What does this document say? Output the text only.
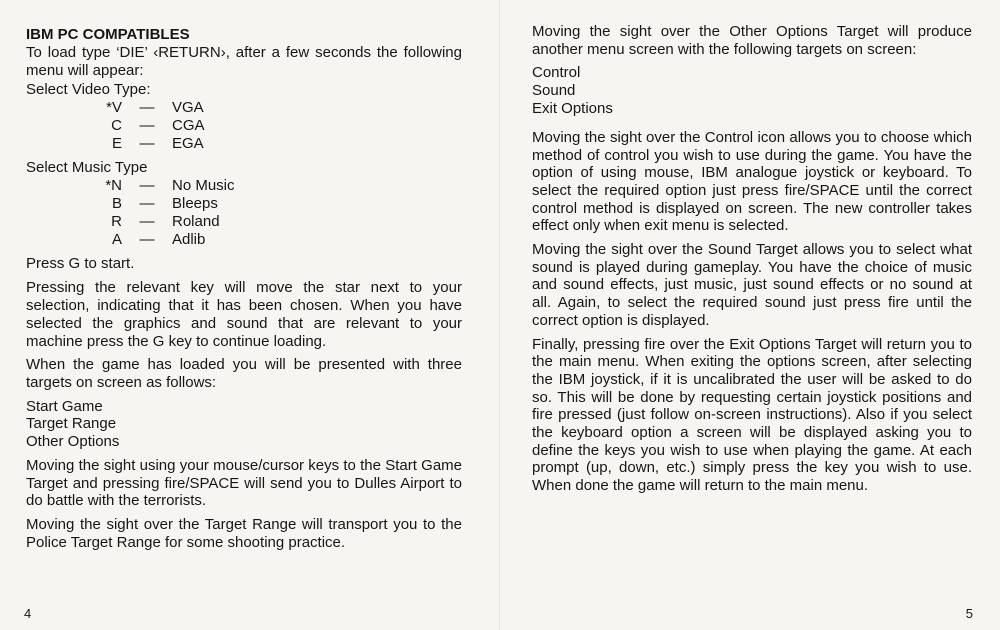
IBM PC COMPATIBLES

To load type ‘DIE’ ‹RETURN›, after a few seconds the following menu will appear:

Select Video Type:
*V	—	VGA
C	—	CGA
E	—	EGA
Select Music Type
*N	—	No Music
B	—	Bleeps
R	—	Roland
A	—	Adlib
Press G to start.

Pressing the relevant key will move the star next to your selection, indicating that it has been chosen. When you have selected the graphics and sound that are relevant to your machine press the G key to continue loading.

When the game has loaded you will be presented with three targets on screen as follows:

Start Game
Target Range
Other Options

Moving the sight using your mouse/cursor keys to the Start Game Target and pressing fire/SPACE will send you to Dulles Airport to do battle with the terrorists.

Moving the sight over the Target Range will transport you to the Police Target Range for some shooting practice.

Moving the sight over the Other Options Target will produce another menu screen with the following targets on screen:

Control
Sound
Exit Options

Moving the sight over the Control icon allows you to choose which method of control you wish to use during the game. You have the option of using mouse, IBM analogue joystick or keyboard. To select the required option just press fire/SPACE until the correct control method is displayed on screen. The new controller takes effect only when exit menu is selected.

Moving the sight over the Sound Target allows you to select what sound is played during gameplay. You have the choice of music and sound effects, just music, just sound effects or no sound at all. Again, to select the required sound just press fire until the correct option is displayed.

Finally, pressing fire over the Exit Options Target will return you to the main menu. When exiting the options screen, after selecting the IBM joystick, if it is uncalibrated the user will be asked to do so. This will be done by requesting certain joystick positions and fire pressed (just follow on-screen instructions). Also if you select the keyboard option a screen will be displayed asking you to define the keys you wish to use when playing the game. At each prompt (up, down, etc.) simply press the key you wish to use. When done the game will return to the main menu.

4	5
